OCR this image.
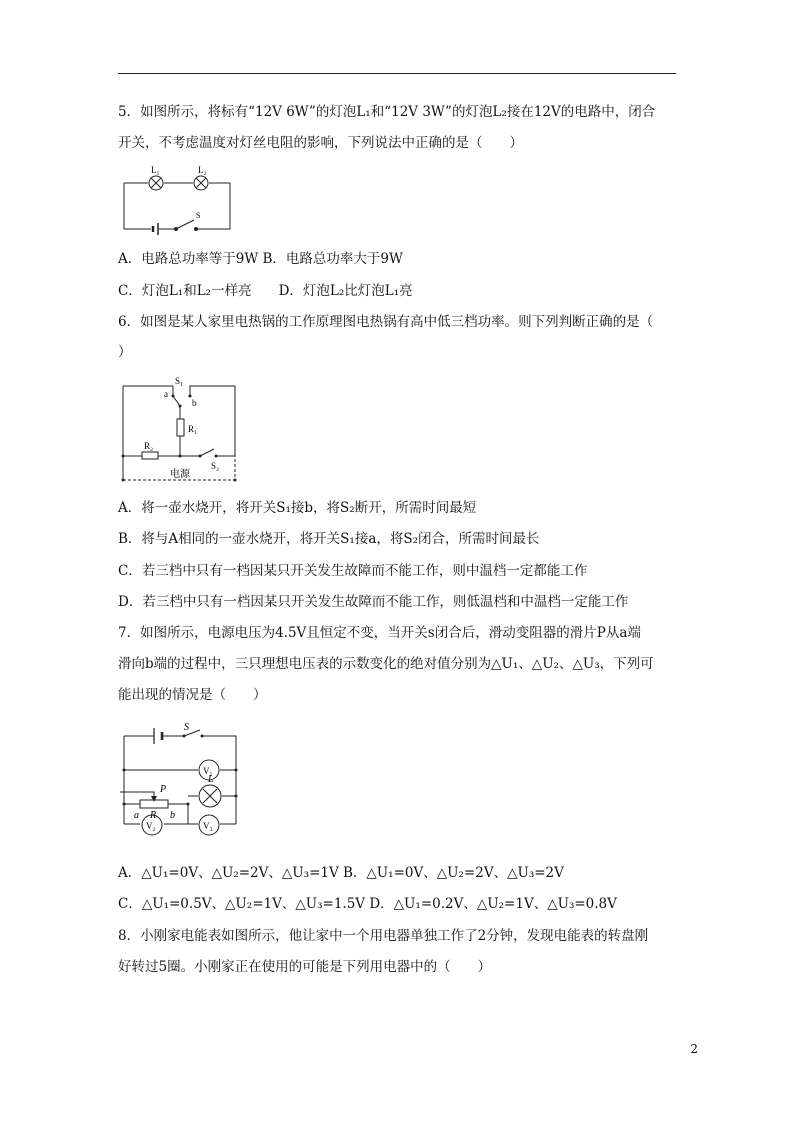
5．如图所示，将标有“12V 6W”的灯泡L₁和“12V 3W”的灯泡L₂接在12V的电路中，闭合
开关，不考虑温度对灯丝电阻的影响，下列说法中正确的是（　　）
L₁	L₂
S
A．电路总功率等于9W B．电路总功率大于9W
C．灯泡L₁和L₂一样亮　　D．灯泡L₂比灯泡L₁亮
6．如图是某人家里电热锅的工作原理图电热锅有高中低三档功率。则下列判断正确的是（
）
S₁
a
b
R₁
R₂
S₂
电源
A．将一壶水烧开，将开关S₁接b，将S₂断开，所需时间最短
B．将与A相同的一壶水烧开，将开关S₁接a，将S₂闭合，所需时间最长
C．若三档中只有一档因某只开关发生故障而不能工作，则中温档一定都能工作
D．若三档中只有一档因某只开关发生故障而不能工作，则低温档和中温档一定能工作
7．如图所示，电源电压为4.5V且恒定不变，当开关s闭合后，滑动变阻器的滑片P从a端
滑向b端的过程中，三只理想电压表的示数变化的绝对值分别为△U₁、△U₂、△U₃，下列可
能出现的情况是（　　）
S
V₁
P
L
a R b
V₂	V₃
A．△U₁=0V、△U₂=2V、△U₃=1V B．△U₁=0V、△U₂=2V、△U₃=2V
C．△U₁=0.5V、△U₂=1V、△U₃=1.5V D．△U₁=0.2V、△U₂=1V、△U₃=0.8V
8．小刚家电能表如图所示，他让家中一个用电器单独工作了2分钟，发现电能表的转盘刚
好转过5圈。小刚家正在使用的可能是下列用电器中的（　　）
2
